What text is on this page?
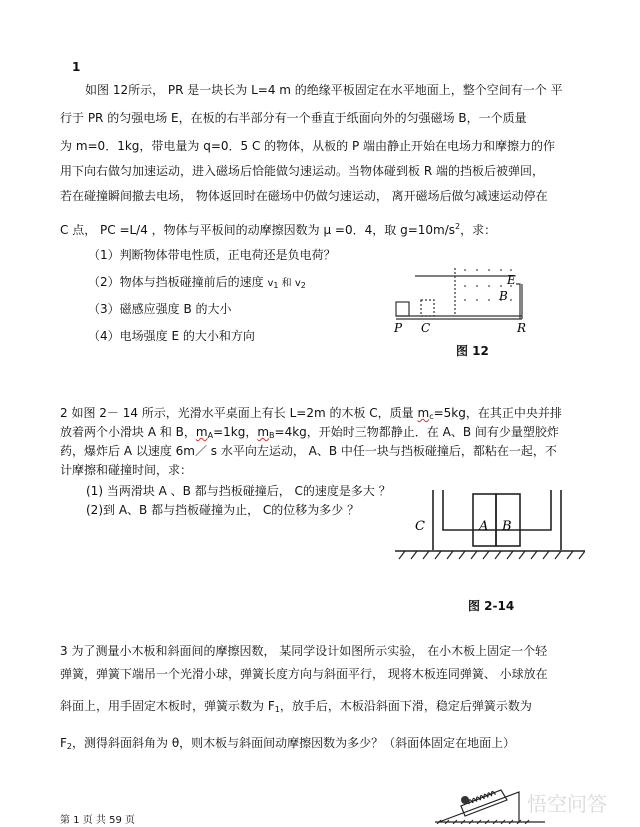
1
如图 12所示， PR 是一块长为 L=4 m 的绝缘平板固定在水平地面上，整个空间有一个 平
行于 PR 的匀强电场 E，在板的右半部分有一个垂直于纸面向外的匀强磁场 B，一个质量
为 m=0．1kg，带电量为 q=0．5 C 的物体，从板的 P 端由静止开始在电场力和摩擦力的作
用下向右做匀加速运动，进入磁场后恰能做匀速运动。当物体碰到板 R 端的挡板后被弹回，
若在碰撞瞬间撤去电场， 物体返回时在磁场中仍做匀速运动， 离开磁场后做匀减速运动停在
C 点， PC =L/4 ，物体与平板间的动摩擦因数为 μ =0．4，取 $g=10m/s^2$，求：
（1）判断物体带电性质，正电荷还是负电荷？
（2）物体与挡板碰撞前后的速度 $v_1$ 和 $v_2$
（3）磁感应强度 B 的大小
（4）电场强度 E 的大小和方向
P C	R
E
B
图 12
2 如图 2－ 14 所示，光滑水平桌面上有长 L=2m 的木板 C，质量 $m_c=5kg$，在其正中央并排
放着两个小滑块 A 和 B，$m_A=1kg$，$m_B=4kg$，开始时三物都静止．在 A、B 间有少量塑胶炸
药，爆炸后 A 以速度 6m／ s 水平向左运动， A、B 中任一块与挡板碰撞后，都粘在一起，不
计摩擦和碰撞时间，求：
(1) 当两滑块 A 、B 都与挡板碰撞后， C的速度是多大 ？
(2)到 A、B 都与挡板碰撞为止， C的位移为多少 ？
C	A B
图 2-14
3 为了测量小木板和斜面间的摩擦因数， 某同学设计如图所示实验， 在小木板上固定一个轻
弹簧，弹簧下端吊一个光滑小球，弹簧长度方向与斜面平行， 现将木板连同弹簧、 小球放在
斜面上，用手固定木板时，弹簧示数为 $F_1$，放手后，木板沿斜面下滑，稳定后弹簧示数为
$F_2$，测得斜面斜角为 θ，则木板与斜面间动摩擦因数为多少？（斜面体固定在地面上）
悟空问答
第 1 页 共 59 页
